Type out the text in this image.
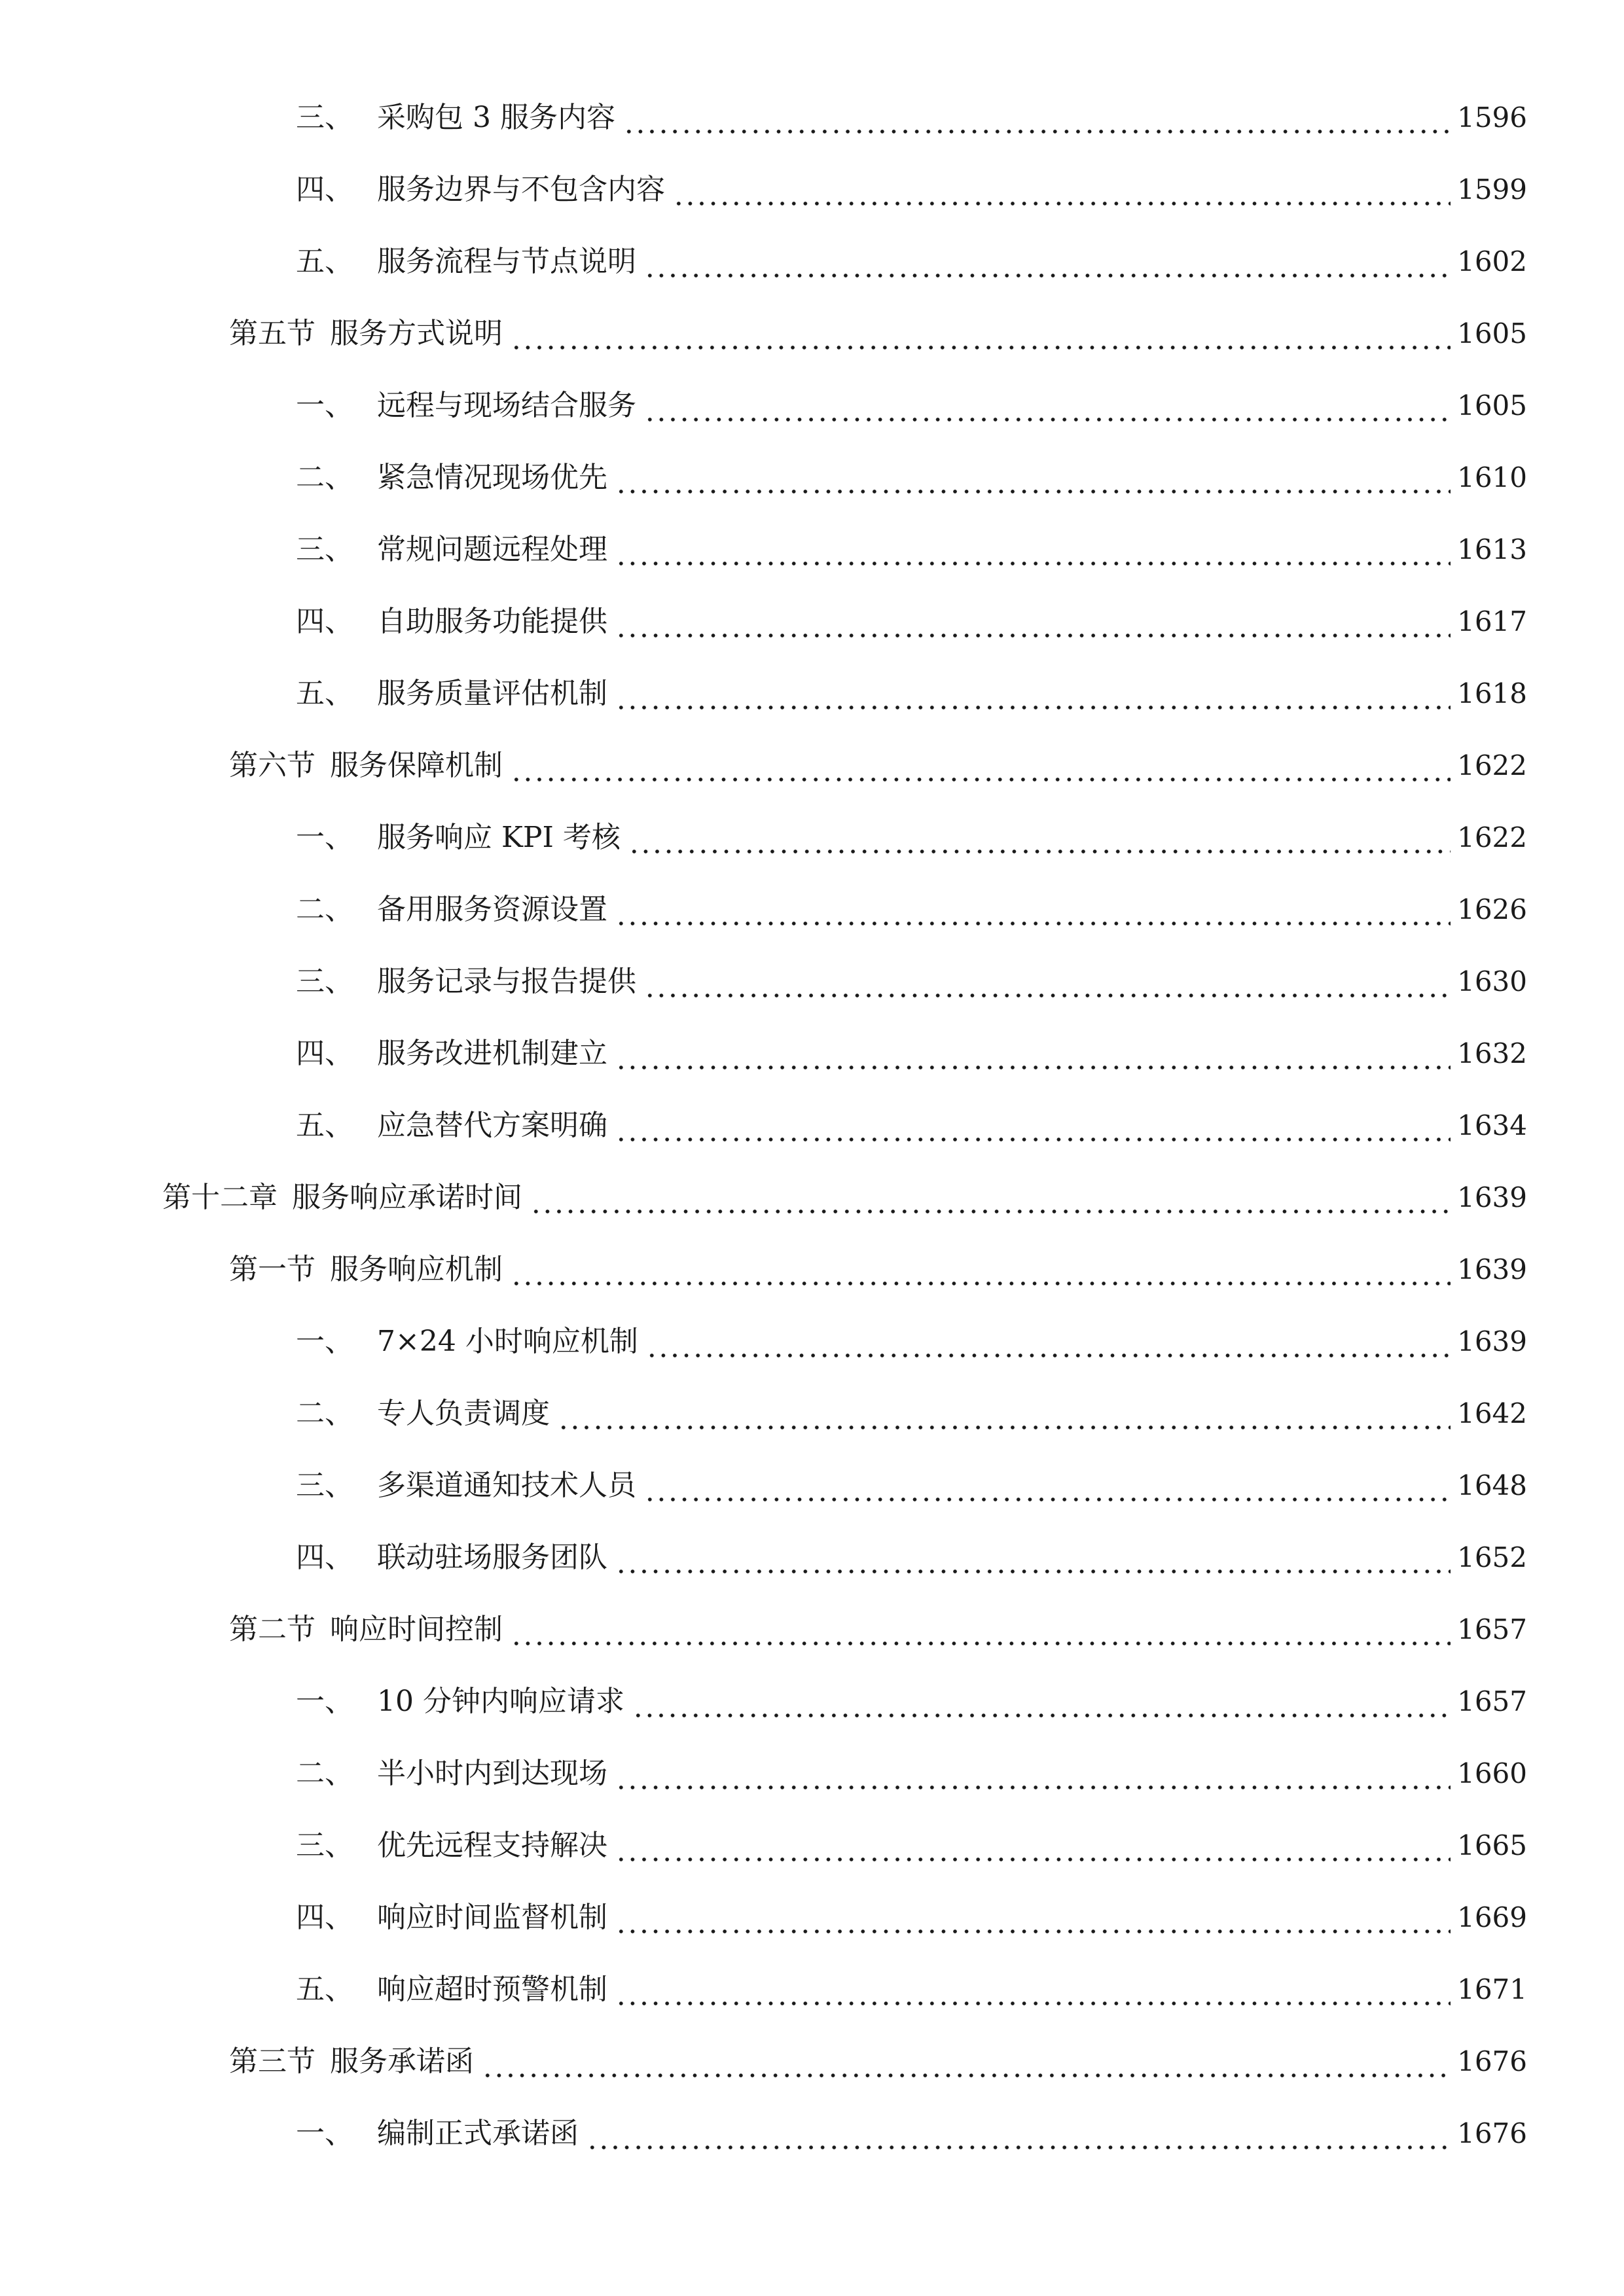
三、 采购包 3 服务内容	1596
四、 服务边界与不包含内容	1599
五、 服务流程与节点说明	1602
第五节 服务方式说明	1605
一、 远程与现场结合服务	1605
二、 紧急情况现场优先	1610
三、 常规问题远程处理	1613
四、 自助服务功能提供	1617
五、 服务质量评估机制	1618
第六节 服务保障机制	1622
一、 服务响应 KPI 考核	1622
二、 备用服务资源设置	1626
三、 服务记录与报告提供	1630
四、 服务改进机制建立	1632
五、 应急替代方案明确	1634
第十二章 服务响应承诺时间	1639
第一节 服务响应机制	1639
一、 7×24 小时响应机制	1639
二、 专人负责调度	1642
三、 多渠道通知技术人员	1648
四、 联动驻场服务团队	1652
第二节 响应时间控制	1657
一、 10 分钟内响应请求	1657
二、 半小时内到达现场	1660
三、 优先远程支持解决	1665
四、 响应时间监督机制	1669
五、 响应超时预警机制	1671
第三节 服务承诺函	1676
一、 编制正式承诺函	1676
